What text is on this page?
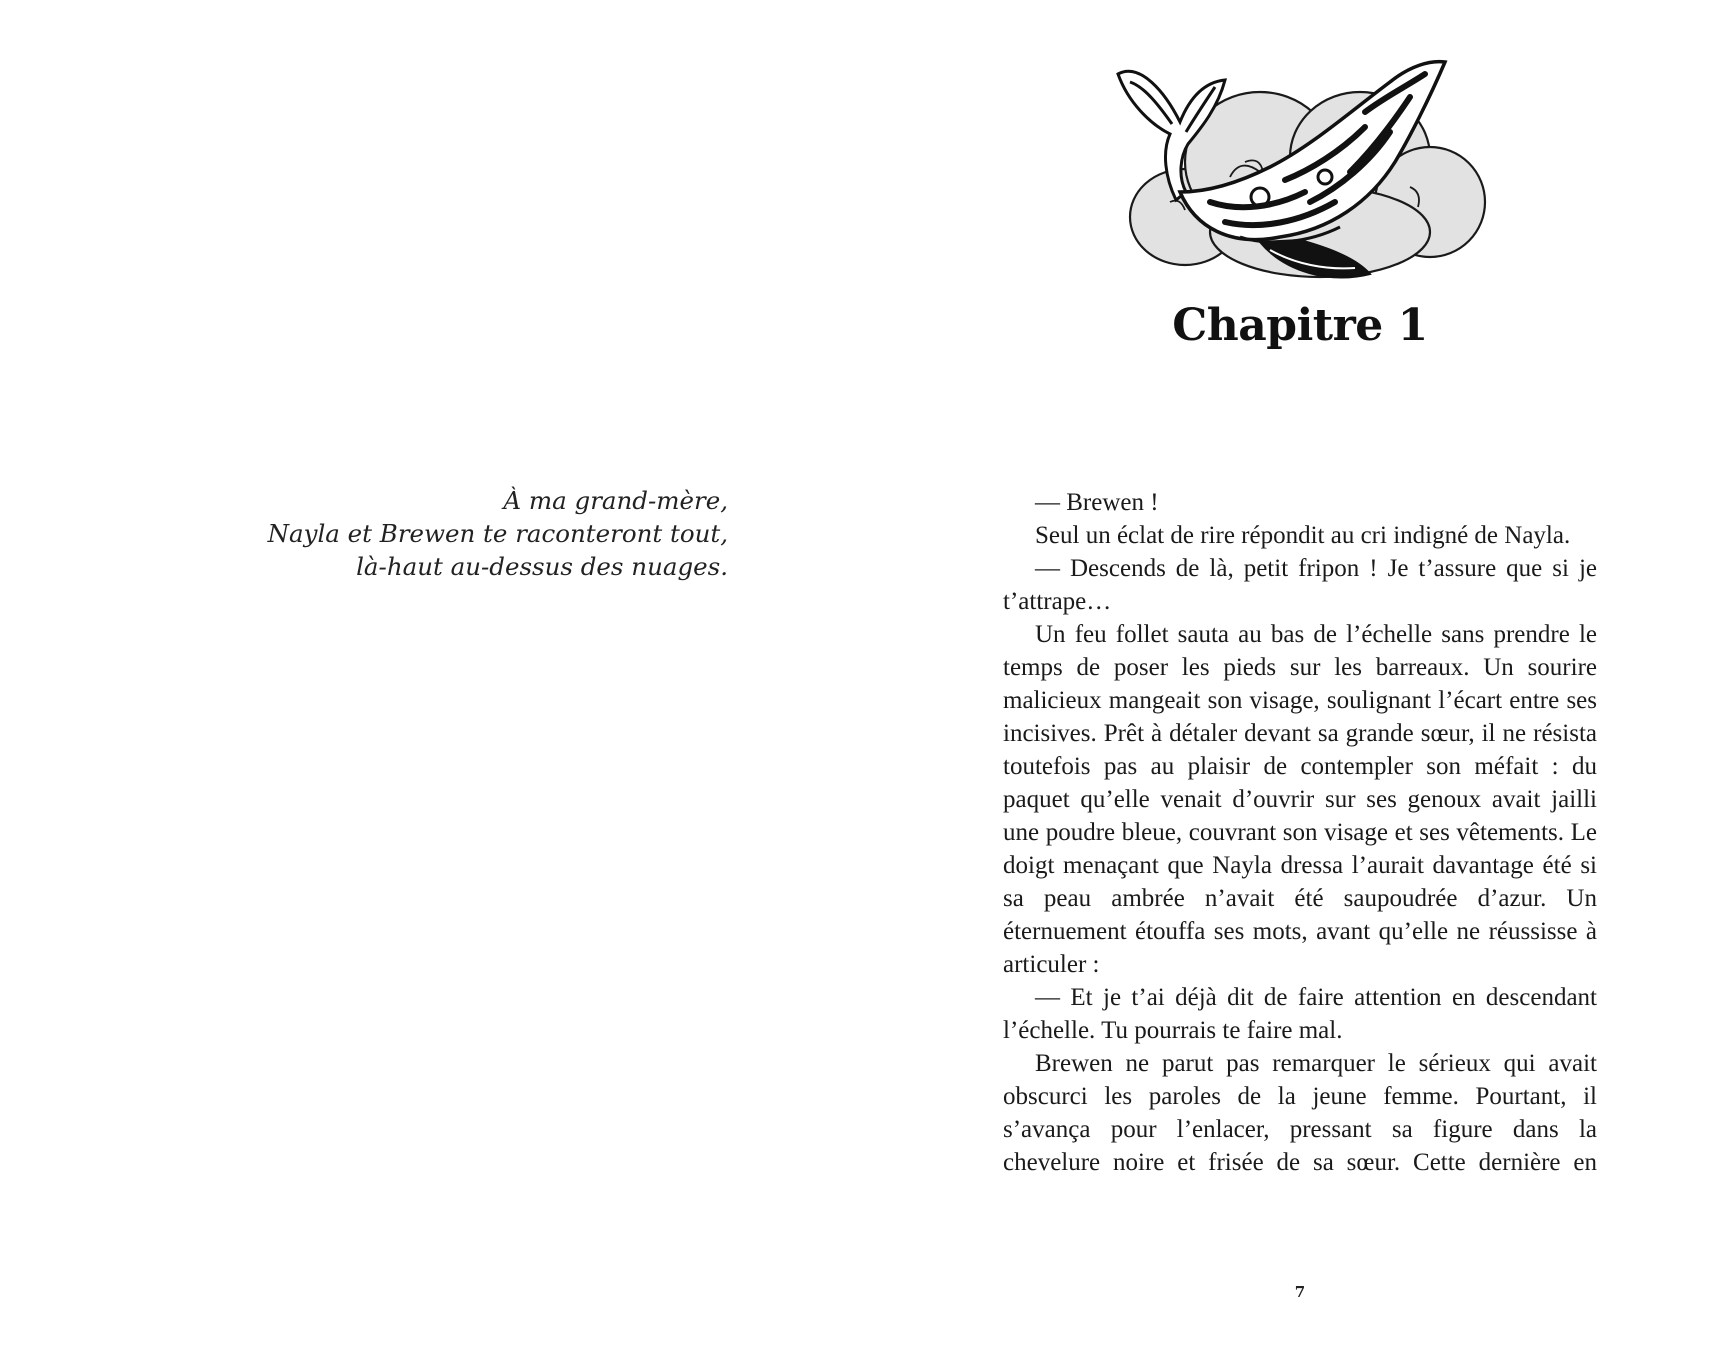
À ma grand-mère,
Nayla et Brewen te raconteront tout,
là-haut au-dessus des nuages.
Chapitre 1

— Brewen !

Seul un éclat de rire répondit au cri indigné de Nayla.

— Descends de là, petit fripon ! Je t’assure que si je t’attrape…

Un feu follet sauta au bas de l’échelle sans prendre le temps de poser les pieds sur les barreaux. Un sourire malicieux mangeait son visage, soulignant l’écart entre ses incisives. Prêt à détaler devant sa grande sœur, il ne résista toutefois pas au plaisir de contempler son méfait : du paquet qu’elle venait d’ouvrir sur ses genoux avait jailli une poudre bleue, couvrant son visage et ses vêtements. Le doigt menaçant que Nayla dressa l’aurait davantage été si sa peau ambrée n’avait été saupoudrée d’azur. Un éternuement étouffa ses mots, avant qu’elle ne réussisse à articuler :

— Et je t’ai déjà dit de faire attention en descendant l’échelle. Tu pourrais te faire mal.

Brewen ne parut pas remarquer le sérieux qui avait obscurci les paroles de la jeune femme. Pourtant, il s’avança pour l’enlacer, pressant sa figure dans la chevelure noire et frisée de sa sœur. Cette dernière en

7
